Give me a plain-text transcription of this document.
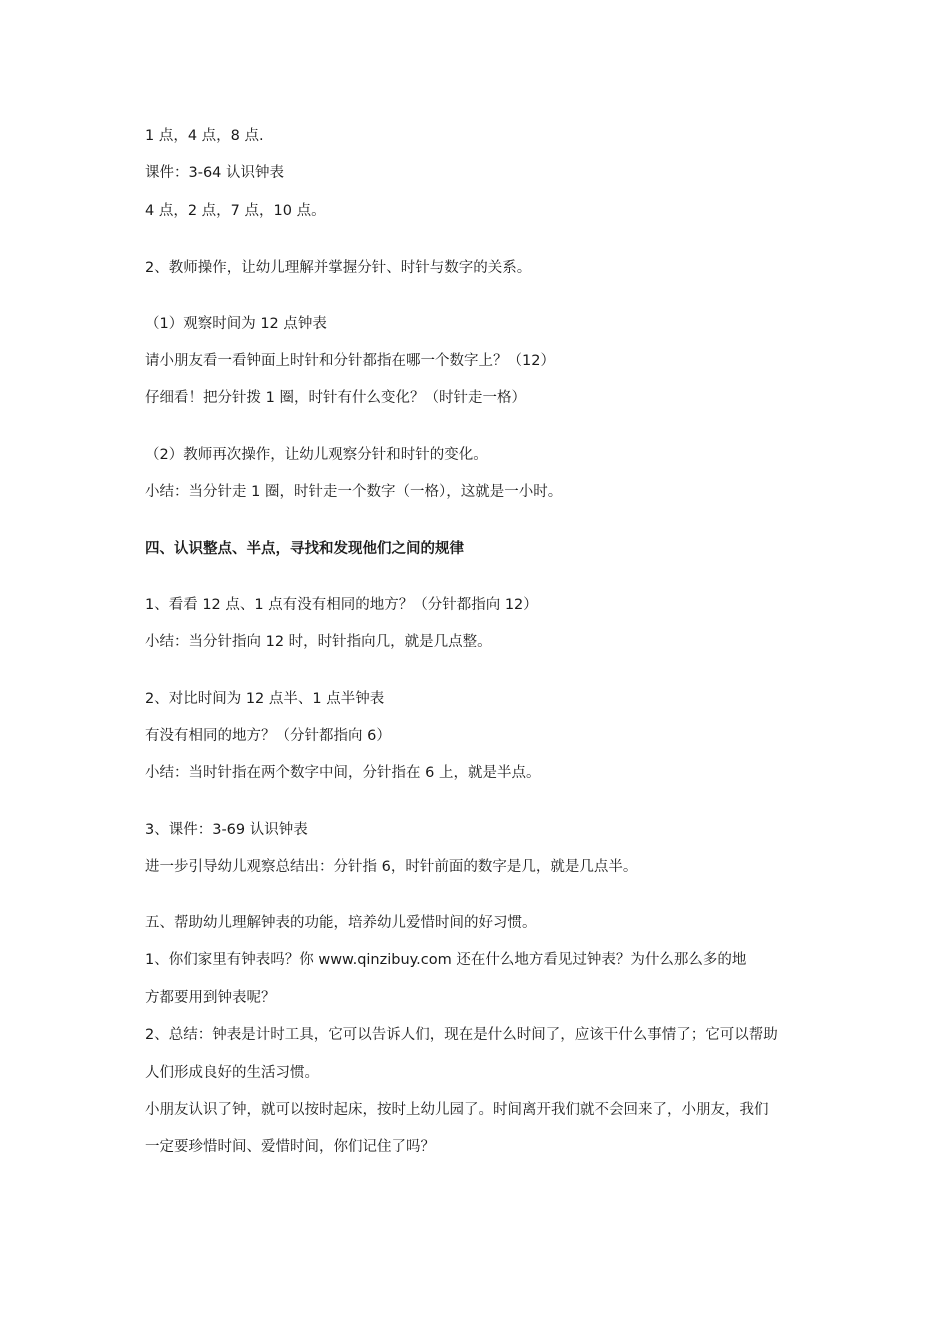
1 点，4 点，8 点.
课件：3-64 认识钟表
4 点，2 点，7 点，10 点。
2、教师操作，让幼儿理解并掌握分针、时针与数字的关系。
（1）观察时间为 12 点钟表
请小朋友看一看钟面上时针和分针都指在哪一个数字上？（12）
仔细看！把分针拨 1 圈，时针有什么变化？（时针走一格）
（2）教师再次操作，让幼儿观察分针和时针的变化。
小结：当分针走 1 圈，时针走一个数字（一格），这就是一小时。
四、认识整点、半点，寻找和发现他们之间的规律
1、看看 12 点、1 点有没有相同的地方？（分针都指向 12）
小结：当分针指向 12 时，时针指向几，就是几点整。
2、对比时间为 12 点半、1 点半钟表
有没有相同的地方？（分针都指向 6）
小结：当时针指在两个数字中间，分针指在 6 上，就是半点。
3、课件：3-69 认识钟表
进一步引导幼儿观察总结出：分针指 6，时针前面的数字是几，就是几点半。
五、帮助幼儿理解钟表的功能，培养幼儿爱惜时间的好习惯。
1、你们家里有钟表吗？你 www.qinzibuy.com 还在什么地方看见过钟表？为什么那么多的地
方都要用到钟表呢？
2、总结：钟表是计时工具，它可以告诉人们，现在是什么时间了，应该干什么事情了；它可以帮助
人们形成良好的生活习惯。
小朋友认识了钟，就可以按时起床，按时上幼儿园了。时间离开我们就不会回来了，小朋友，我们
一定要珍惜时间、爱惜时间，你们记住了吗？
